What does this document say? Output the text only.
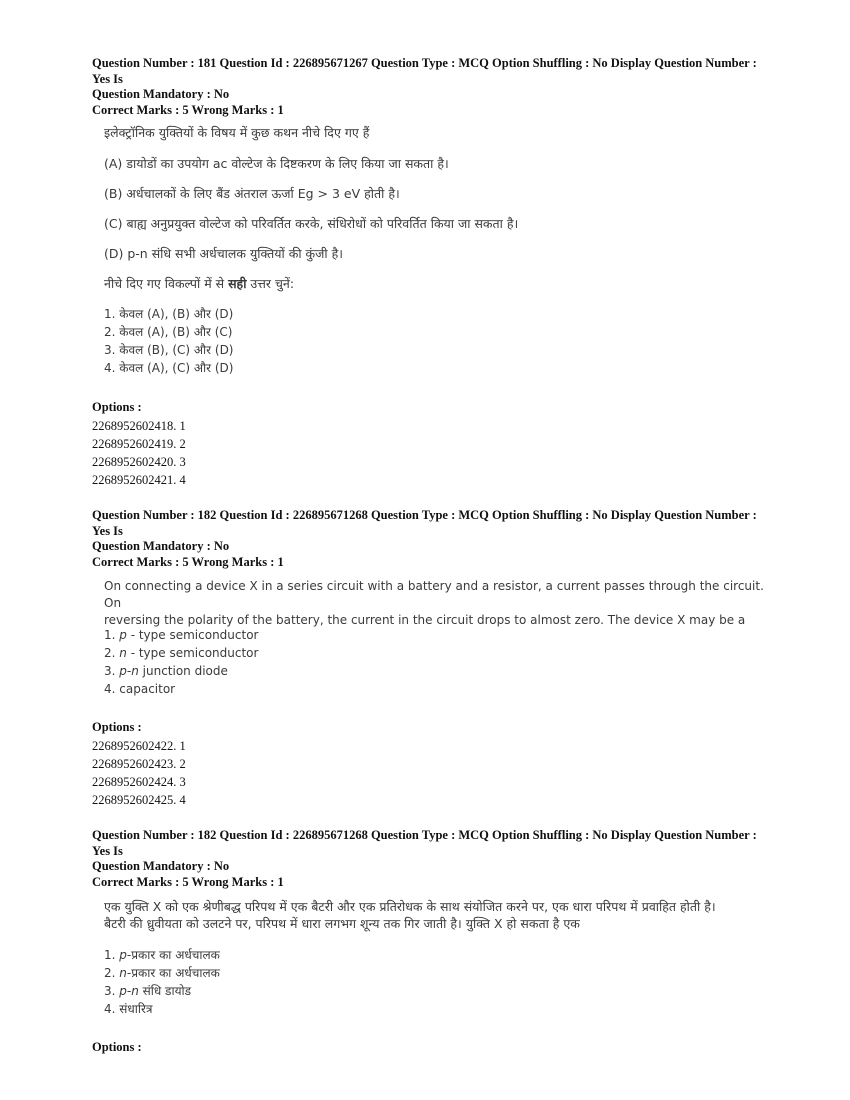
Question Number : 181 Question Id : 226895671267 Question Type : MCQ Option Shuffling : No Display Question Number : Yes Is

Question Mandatory : No

Correct Marks : 5 Wrong Marks : 1

इलेक्ट्रॉनिक युक्तियों के विषय में कुछ कथन नीचे दिए गए हैं

(A) डायोडों का उपयोग ac वोल्टेज के दिष्टकरण के लिए किया जा सकता है।

(B) अर्धचालकों के लिए बैंड अंतराल ऊर्जा Eg > 3 eV होती है।

(C) बाह्य अनुप्रयुक्त वोल्टेज को परिवर्तित करके, संधिरोधों को परिवर्तित किया जा सकता है।

(D) p-n संधि सभी अर्धचालक युक्तियों की कुंजी है।

नीचे दिए गए विकल्पों में से सही उत्तर चुनें:

1. केवल (A), (B) और (D)
2. केवल (A), (B) और (C)
3. केवल (B), (C) और (D)
4. केवल (A), (C) और (D)

Options :

2268952602418. 1
2268952602419. 2
2268952602420. 3
2268952602421. 4

Question Number : 182 Question Id : 226895671268 Question Type : MCQ Option Shuffling : No Display Question Number : Yes Is

Question Mandatory : No

Correct Marks : 5 Wrong Marks : 1

On connecting a device X in a series circuit with a battery and a resistor, a current passes through the circuit. On

reversing the polarity of the battery, the current in the circuit drops to almost zero. The device X may be a

1. p - type semiconductor
2. n - type semiconductor
3. p-n junction diode
4. capacitor

Options :

2268952602422. 1
2268952602423. 2
2268952602424. 3
2268952602425. 4

Question Number : 182 Question Id : 226895671268 Question Type : MCQ Option Shuffling : No Display Question Number : Yes Is

Question Mandatory : No

Correct Marks : 5 Wrong Marks : 1

एक युक्ति X को एक श्रेणीबद्ध परिपथ में एक बैटरी और एक प्रतिरोधक के साथ संयोजित करने पर, एक धारा परिपथ में प्रवाहित होती है।

बैटरी की ध्रुवीयता को उलटने पर, परिपथ में धारा लगभग शून्य तक गिर जाती है। युक्ति X हो सकता है एक

1. p-प्रकार का अर्धचालक
2. n-प्रकार का अर्धचालक
3. p-n संधि डायोड
4. संधारित्र

Options :
